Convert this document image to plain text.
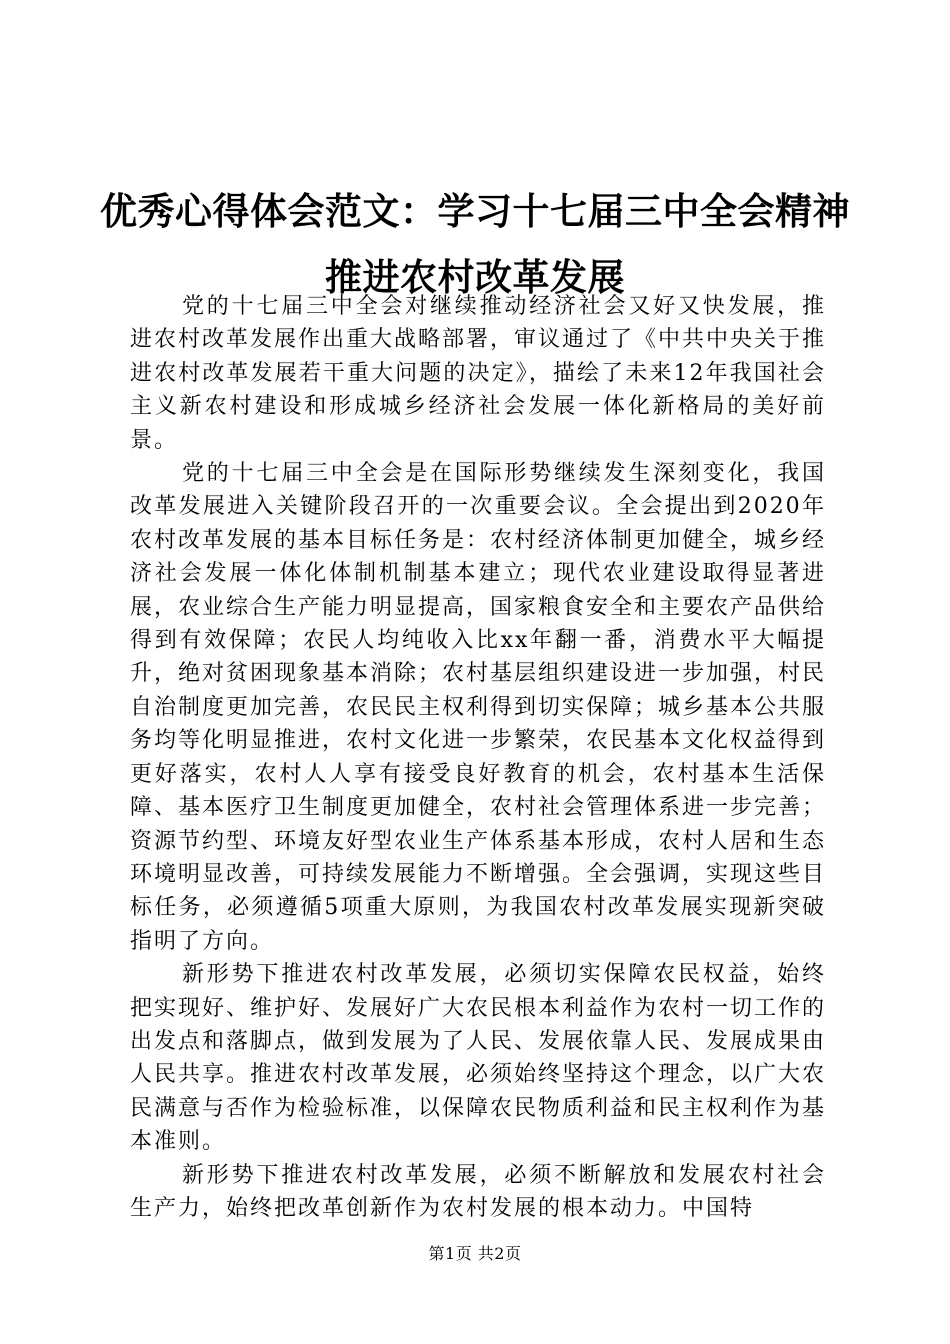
优秀心得体会范文：学习十七届三中全会精神
推进农村改革发展

党的十七届三中全会对继续推动经济社会又好又快发展，推进农村改革发展作出重大战略部署，审议通过了《中共中央关于推进农村改革发展若干重大问题的决定》，描绘了未来12年我国社会主义新农村建设和形成城乡经济社会发展一体化新格局的美好前景。

党的十七届三中全会是在国际形势继续发生深刻变化，我国改革发展进入关键阶段召开的一次重要会议。全会提出到2020年农村改革发展的基本目标任务是：农村经济体制更加健全，城乡经济社会发展一体化体制机制基本建立；现代农业建设取得显著进展，农业综合生产能力明显提高，国家粮食安全和主要农产品供给得到有效保障；农民人均纯收入比xx年翻一番，消费水平大幅提升，绝对贫困现象基本消除；农村基层组织建设进一步加强，村民自治制度更加完善，农民民主权利得到切实保障；城乡基本公共服务均等化明显推进，农村文化进一步繁荣，农民基本文化权益得到更好落实，农村人人享有接受良好教育的机会，农村基本生活保障、基本医疗卫生制度更加健全，农村社会管理体系进一步完善；资源节约型、环境友好型农业生产体系基本形成，农村人居和生态环境明显改善，可持续发展能力不断增强。全会强调，实现这些目标任务，必须遵循5项重大原则，为我国农村改革发展实现新突破指明了方向。

新形势下推进农村改革发展，必须切实保障农民权益，始终把实现好、维护好、发展好广大农民根本利益作为农村一切工作的出发点和落脚点，做到发展为了人民、发展依靠人民、发展成果由人民共享。推进农村改革发展，必须始终坚持这个理念，以广大农民满意与否作为检验标准，以保障农民物质利益和民主权利作为基本准则。

新形势下推进农村改革发展，必须不断解放和发展农村社会生产力，始终把改革创新作为农村发展的根本动力。中国特

第1页 共2页
